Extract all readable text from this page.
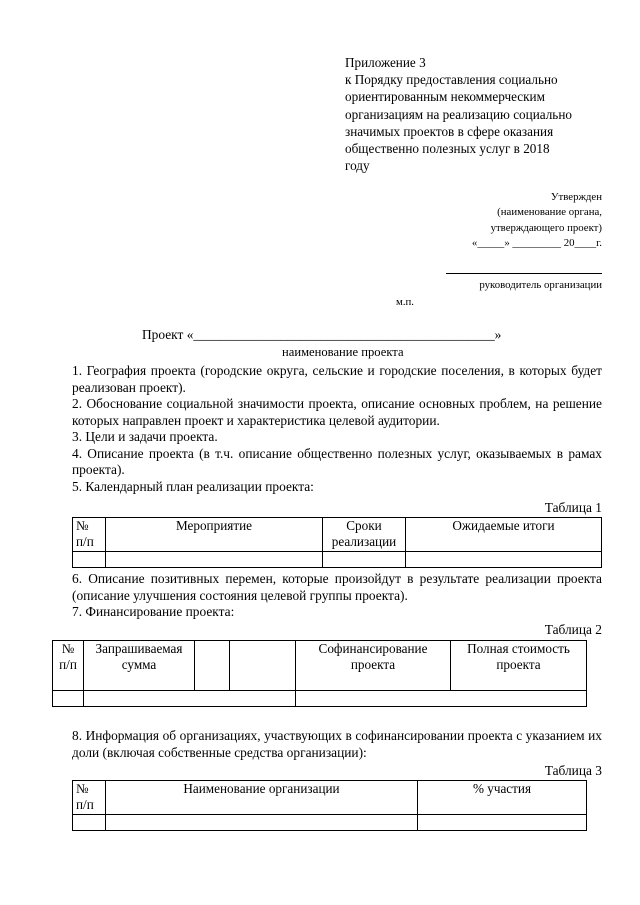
Приложение 3
к Порядку предоставления социально
ориентированным некоммерческим
организациям на реализацию социально
значимых проектов в сфере оказания
общественно полезных услуг в 2018
году
Утвержден
(наименование органа,
утверждающего проект)
«_____» _________ 20____г.
руководитель организации
м.п.
Проект «_____________________________________________»
наименование проекта

1. География проекта (городские округа, сельские и городские поселения, в которых будет реализован проект).

2. Обоснование социальной значимости проекта, описание основных проблем, на решение которых направлен проект и характеристика целевой аудитории.

3. Цели и задачи проекта.

4. Описание проекта (в т.ч. описание общественно полезных услуг, оказываемых в рамах проекта).

5. Календарный план реализации проекта:

Таблица 1
№ п/п	Мероприятие	Сроки реализации	Ожидаемые итоги

6. Описание позитивных перемен, которые произойдут в результате реализации проекта (описание улучшения состояния целевой группы проекта).

7. Финансирование проекта:

Таблица 2
№ п/п	Запрашиваемая сумма			Софинансирование проекта	Полная стоимость проекта

8. Информация об организациях, участвующих в софинансировании проекта с указанием их доли (включая собственные средства организации):

Таблица 3
№ п/п	Наименование организации	% участия
